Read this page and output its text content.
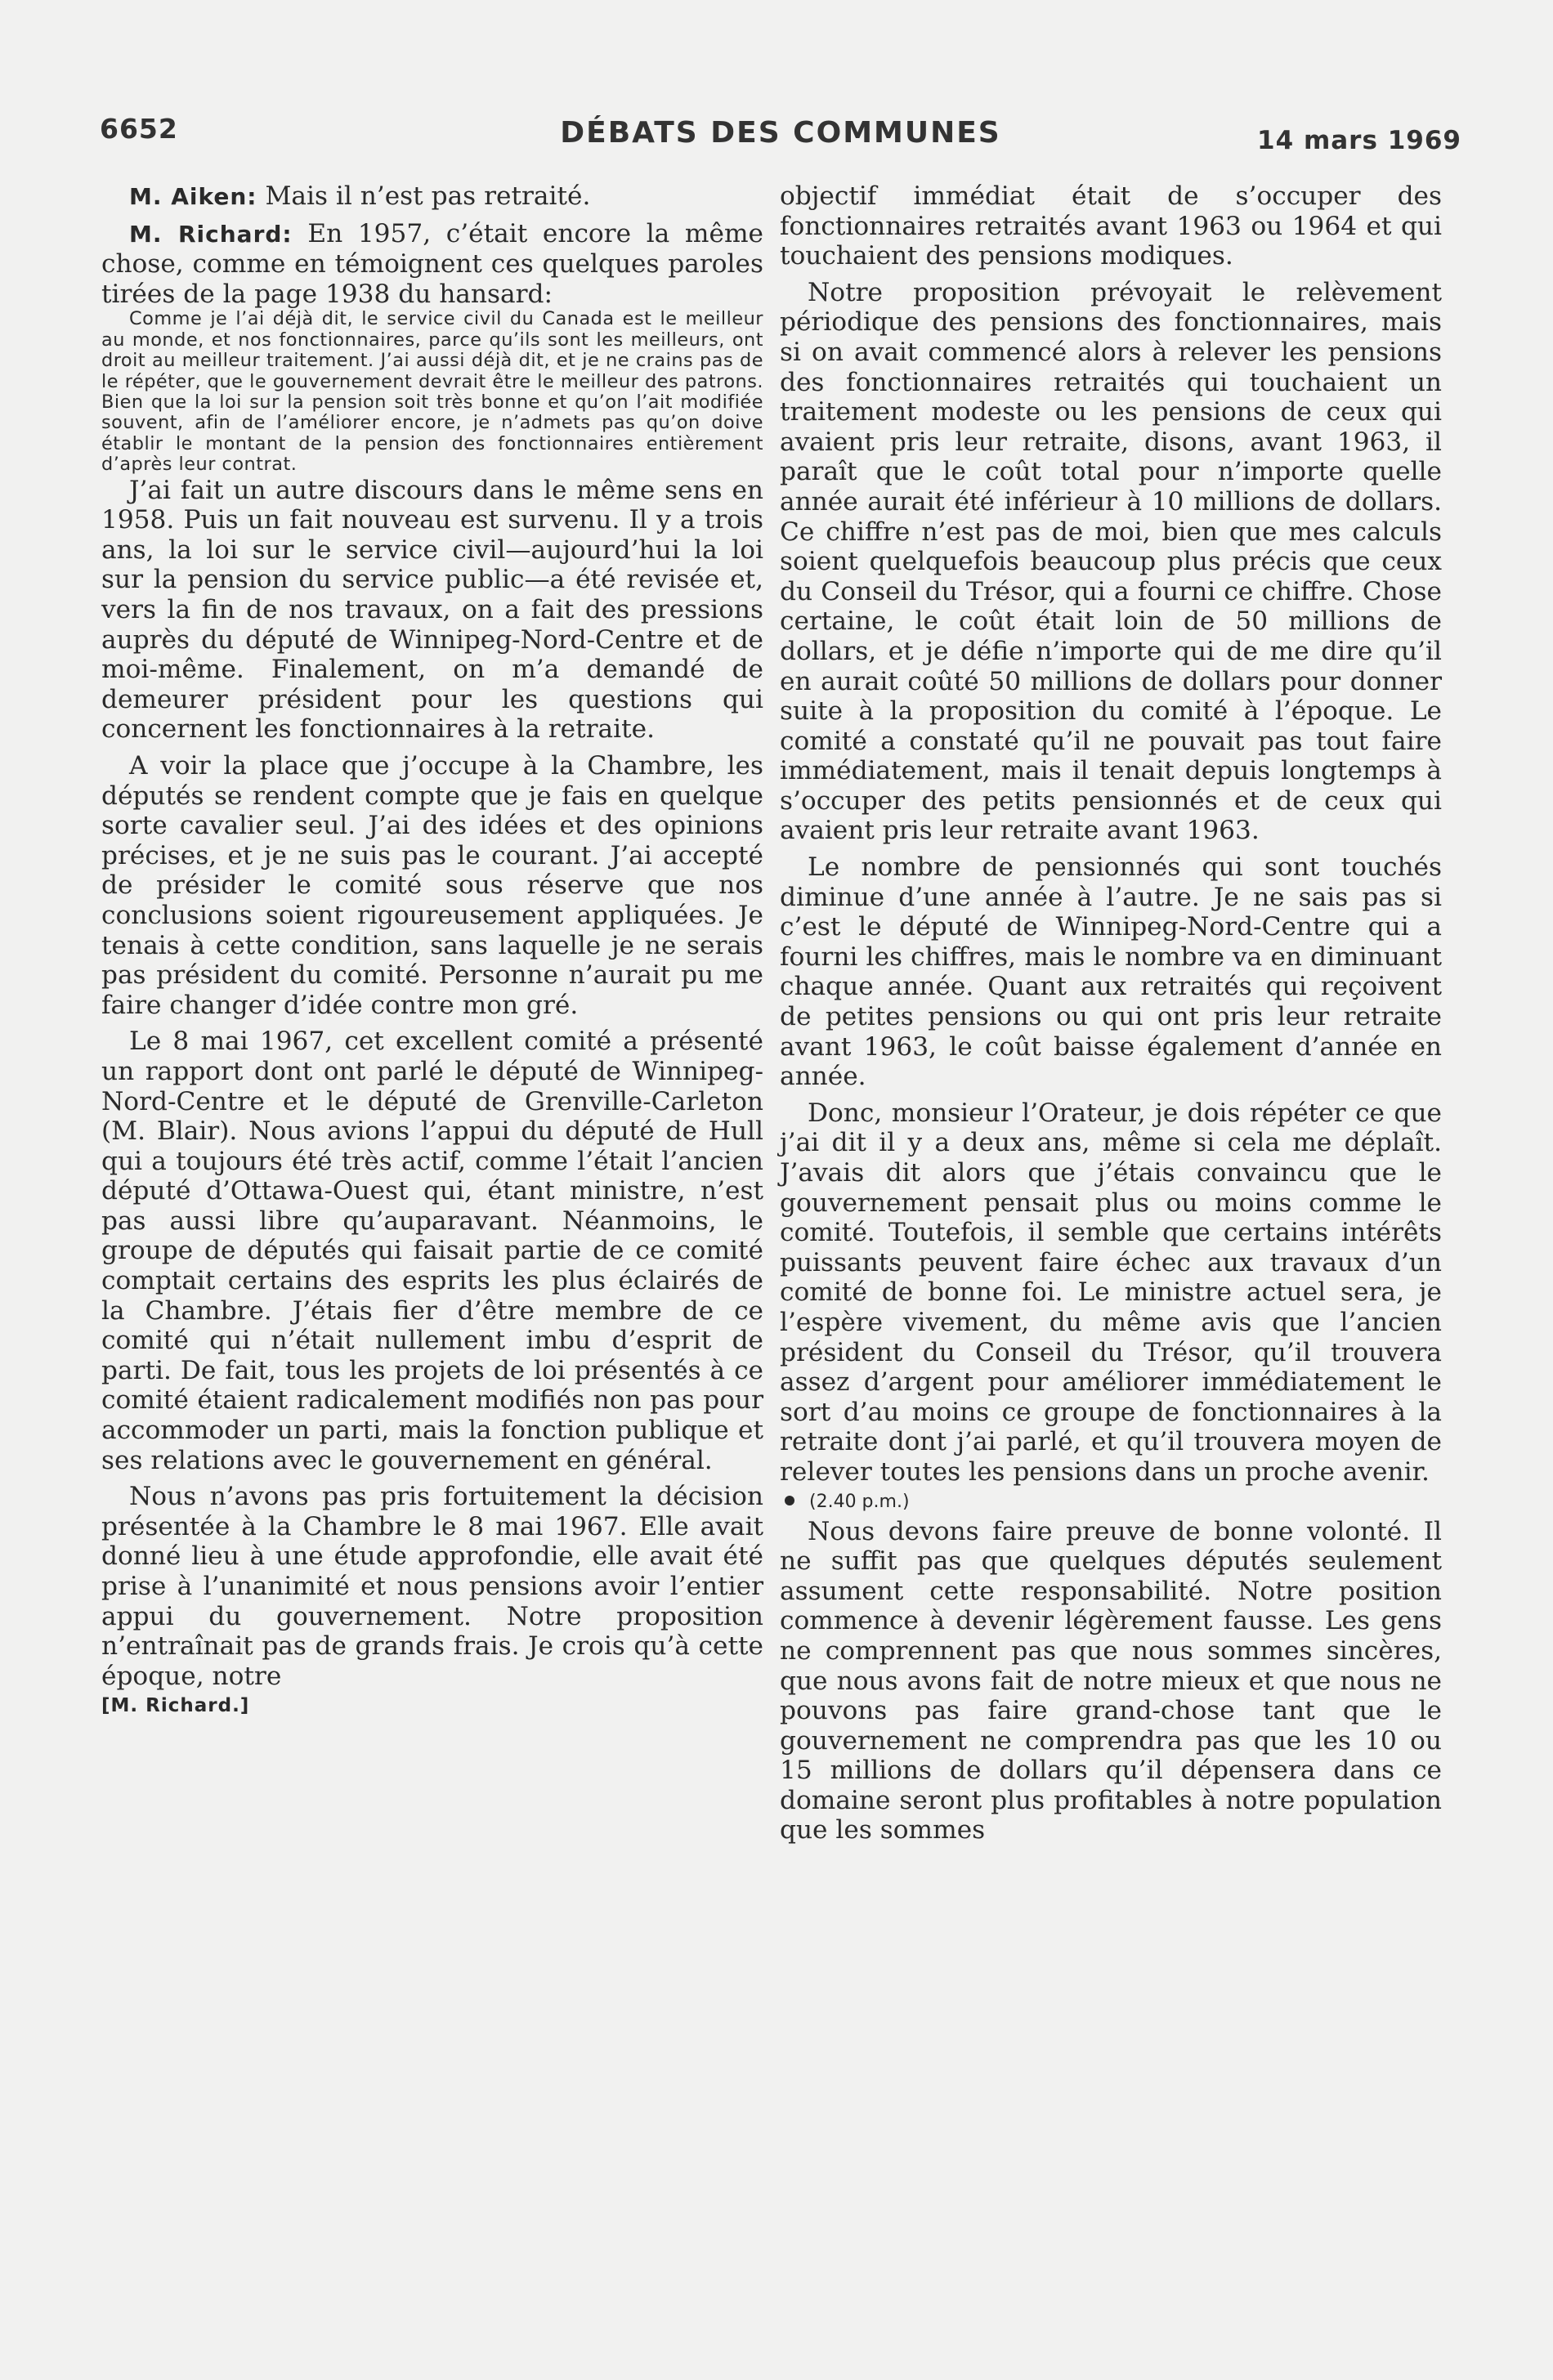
6652	DÉBATS DES COMMUNES	14 mars 1969

M. Aiken: Mais il n’est pas retraité.

M. Richard: En 1957, c’était encore la même chose, comme en témoignent ces quelques paroles tirées de la page 1938 du hansard:

Comme je l’ai déjà dit, le service civil du Canada est le meilleur au monde, et nos fonctionnaires, parce qu’ils sont les meilleurs, ont droit au meilleur traitement. J’ai aussi déjà dit, et je ne crains pas de le répéter, que le gouvernement devrait être le meilleur des patrons. Bien que la loi sur la pension soit très bonne et qu’on l’ait modifiée souvent, afin de l’améliorer encore, je n’admets pas qu’on doive établir le montant de la pension des fonctionnaires entièrement d’après leur contrat.

J’ai fait un autre discours dans le même sens en 1958. Puis un fait nouveau est survenu. Il y a trois ans, la loi sur le service civil—aujourd’hui la loi sur la pension du service public—a été revisée et, vers la fin de nos travaux, on a fait des pressions auprès du député de Winnipeg-Nord-Centre et de moi-même. Finalement, on m’a demandé de demeurer président pour les questions qui concernent les fonctionnaires à la retraite.

A voir la place que j’occupe à la Chambre, les députés se rendent compte que je fais en quelque sorte cavalier seul. J’ai des idées et des opinions précises, et je ne suis pas le courant. J’ai accepté de présider le comité sous réserve que nos conclusions soient rigoureusement appliquées. Je tenais à cette condition, sans laquelle je ne serais pas président du comité. Personne n’aurait pu me faire changer d’idée contre mon gré.

Le 8 mai 1967, cet excellent comité a présenté un rapport dont ont parlé le député de Winnipeg-Nord-Centre et le député de Grenville-Carleton (M. Blair). Nous avions l’appui du député de Hull qui a toujours été très actif, comme l’était l’ancien député d’Ottawa-Ouest qui, étant ministre, n’est pas aussi libre qu’auparavant. Néanmoins, le groupe de députés qui faisait partie de ce comité comptait certains des esprits les plus éclairés de la Chambre. J’étais fier d’être membre de ce comité qui n’était nullement imbu d’esprit de parti. De fait, tous les projets de loi présentés à ce comité étaient radicalement modifiés non pas pour accommoder un parti, mais la fonction publique et ses relations avec le gouvernement en général.

Nous n’avons pas pris fortuitement la décision présentée à la Chambre le 8 mai 1967. Elle avait donné lieu à une étude approfondie, elle avait été prise à l’unanimité et nous pensions avoir l’entier appui du gouvernement. Notre proposition n’entraînait pas de grands frais. Je crois qu’à cette époque, notre

[M. Richard.]

objectif immédiat était de s’occuper des fonctionnaires retraités avant 1963 ou 1964 et qui touchaient des pensions modiques.

Notre proposition prévoyait le relèvement périodique des pensions des fonctionnaires, mais si on avait commencé alors à relever les pensions des fonctionnaires retraités qui touchaient un traitement modeste ou les pensions de ceux qui avaient pris leur retraite, disons, avant 1963, il paraît que le coût total pour n’importe quelle année aurait été inférieur à 10 millions de dollars. Ce chiffre n’est pas de moi, bien que mes calculs soient quelquefois beaucoup plus précis que ceux du Conseil du Trésor, qui a fourni ce chiffre. Chose certaine, le coût était loin de 50 millions de dollars, et je défie n’importe qui de me dire qu’il en aurait coûté 50 millions de dollars pour donner suite à la proposition du comité à l’époque. Le comité a constaté qu’il ne pouvait pas tout faire immédiatement, mais il tenait depuis longtemps à s’occuper des petits pensionnés et de ceux qui avaient pris leur retraite avant 1963.

Le nombre de pensionnés qui sont touchés diminue d’une année à l’autre. Je ne sais pas si c’est le député de Winnipeg-Nord-Centre qui a fourni les chiffres, mais le nombre va en diminuant chaque année. Quant aux retraités qui reçoivent de petites pensions ou qui ont pris leur retraite avant 1963, le coût baisse également d’année en année.

Donc, monsieur l’Orateur, je dois répéter ce que j’ai dit il y a deux ans, même si cela me déplaît. J’avais dit alors que j’étais convaincu que le gouvernement pensait plus ou moins comme le comité. Toutefois, il semble que certains intérêts puissants peuvent faire échec aux travaux d’un comité de bonne foi. Le ministre actuel sera, je l’espère vivement, du même avis que l’ancien président du Conseil du Trésor, qu’il trouvera assez d’argent pour améliorer immédiatement le sort d’au moins ce groupe de fonctionnaires à la retraite dont j’ai parlé, et qu’il trouvera moyen de relever toutes les pensions dans un proche avenir.

(2.40 p.m.)

Nous devons faire preuve de bonne volonté. Il ne suffit pas que quelques députés seulement assument cette responsabilité. Notre position commence à devenir légèrement fausse. Les gens ne comprennent pas que nous sommes sincères, que nous avons fait de notre mieux et que nous ne pouvons pas faire grand-chose tant que le gouvernement ne comprendra pas que les 10 ou 15 millions de dollars qu’il dépensera dans ce domaine seront plus profitables à notre population que les sommes
